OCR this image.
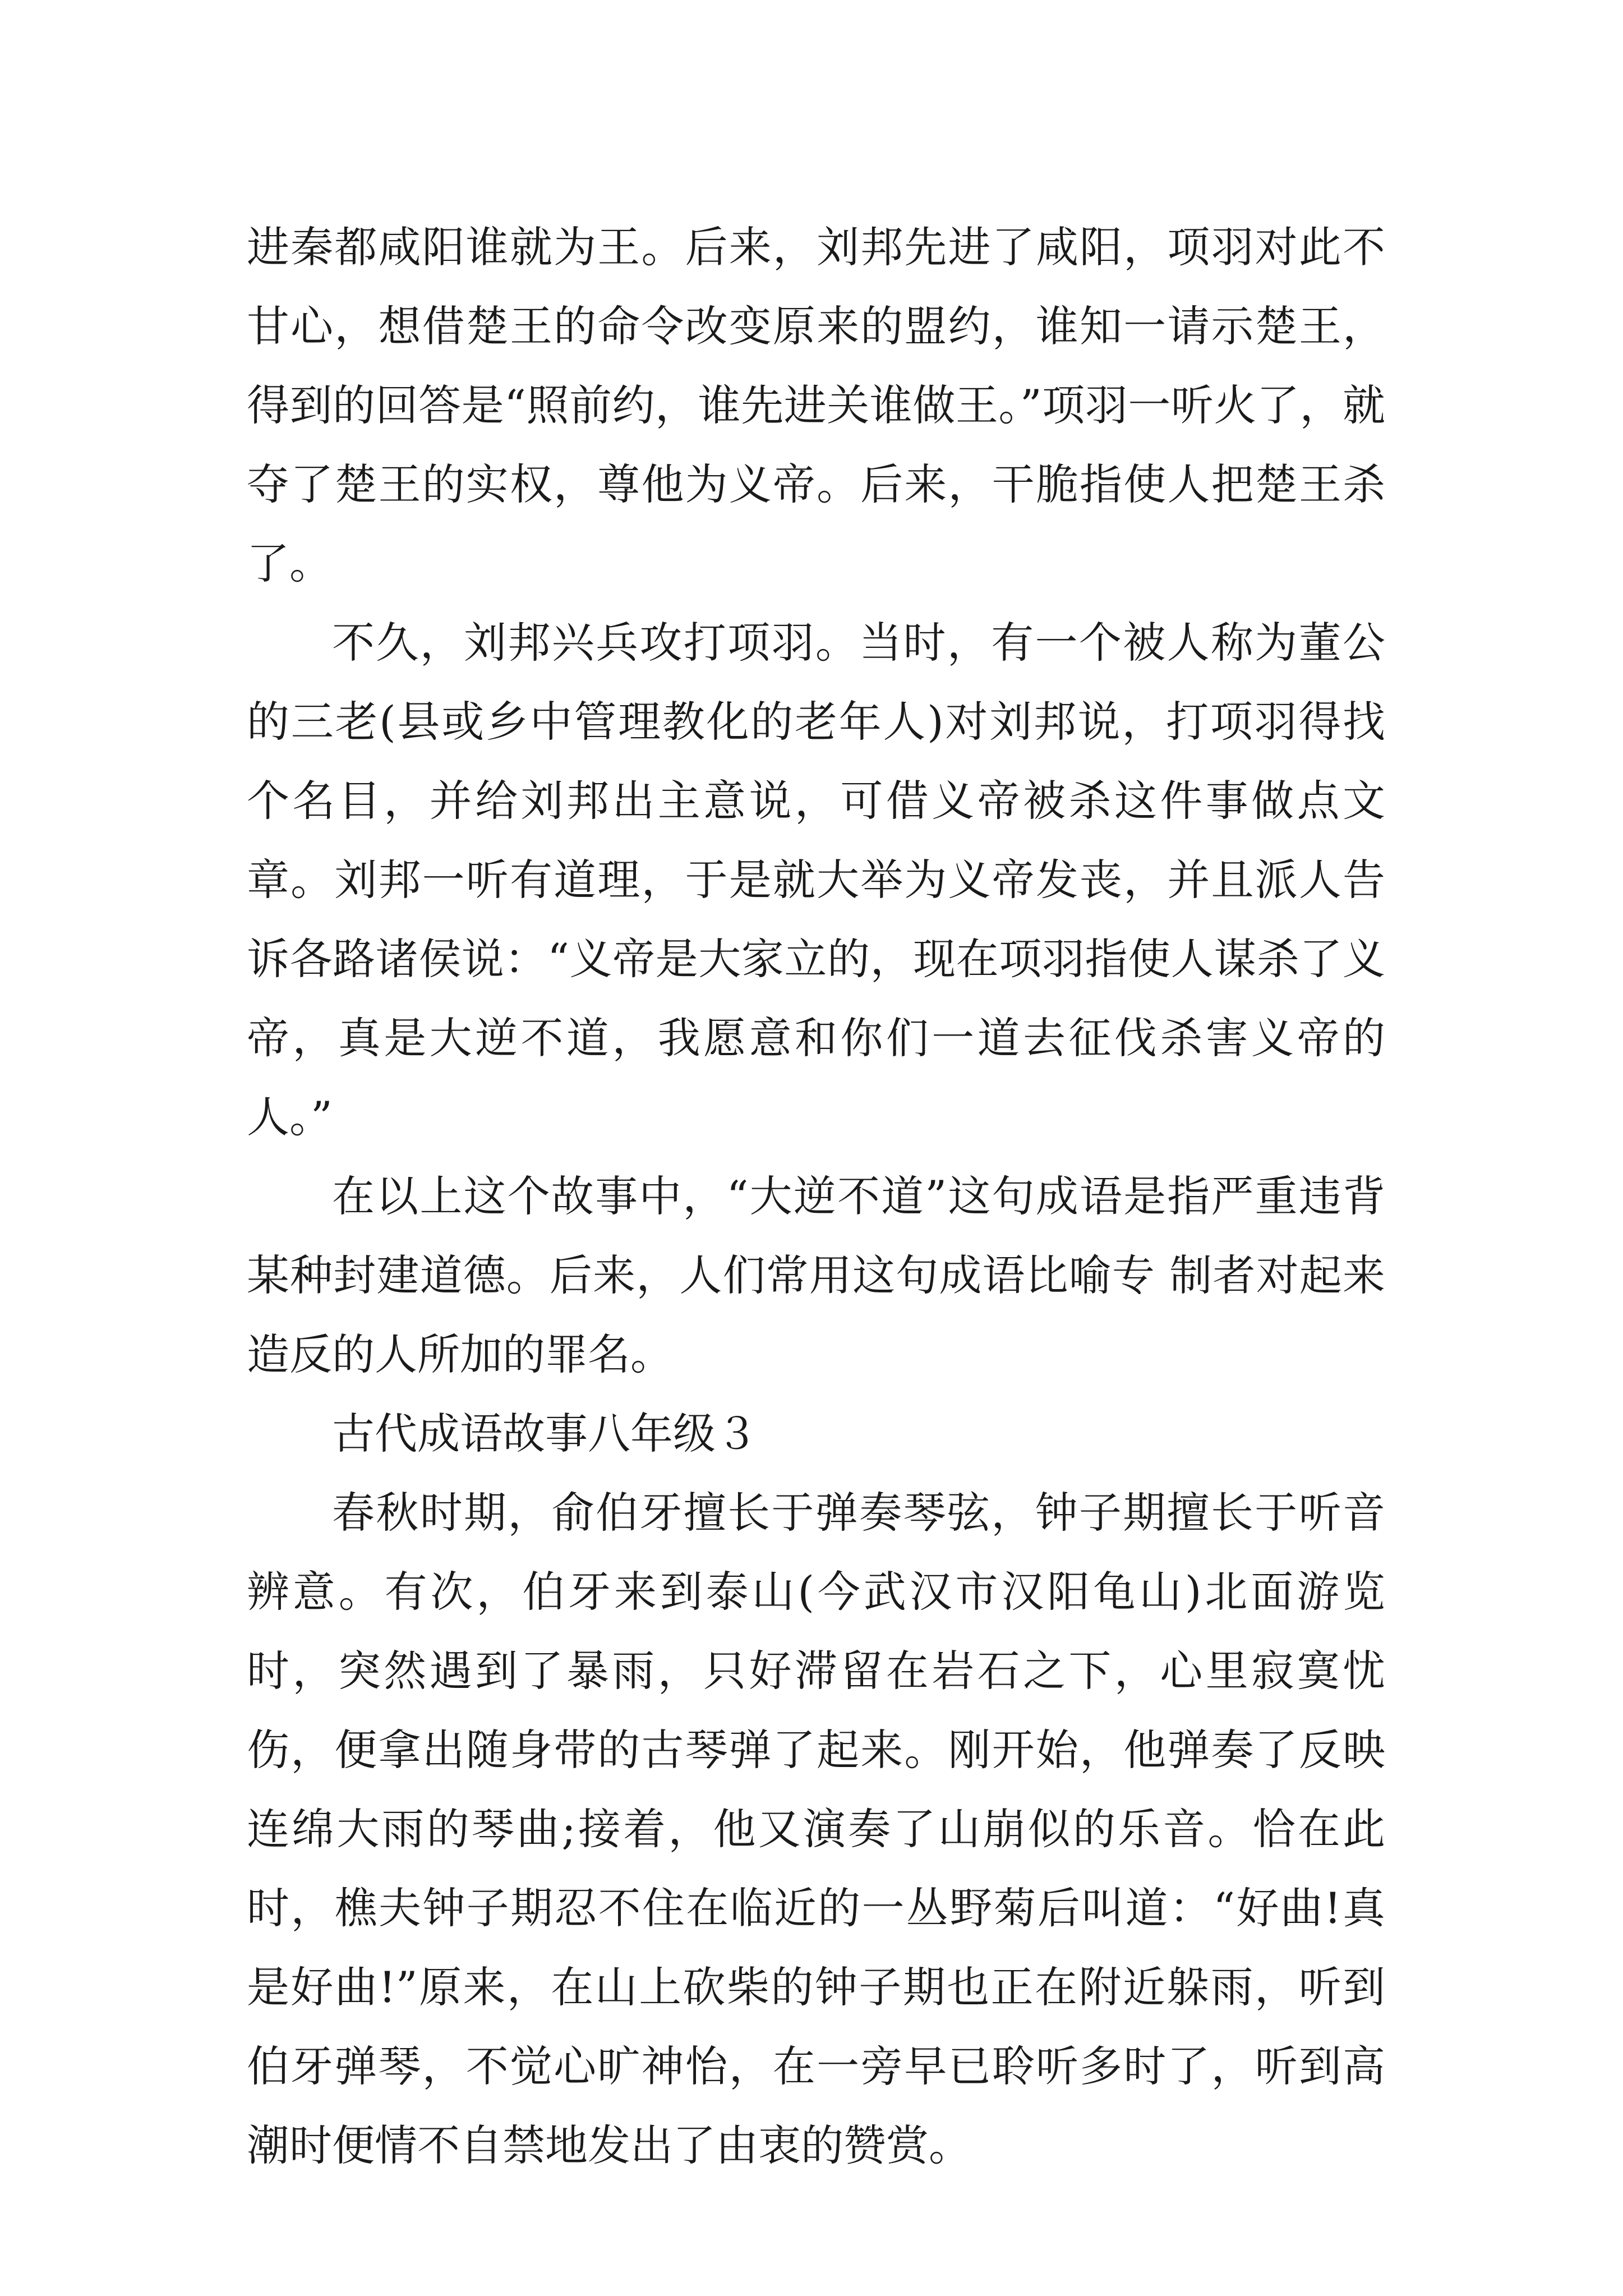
进秦都咸阳谁就为王。后来，刘邦先进了咸阳，项羽对此不甘心，想借楚王的命令改变原来的盟约，谁知一请示楚王，得到的回答是“照前约，谁先进关谁做王。”项羽一听火了，就夺了楚王的实权，尊他为义帝。后来，干脆指使人把楚王杀了。

不久，刘邦兴兵攻打项羽。当时，有一个被人称为董公的三老(县或乡中管理教化的老年人)对刘邦说，打项羽得找个名目，并给刘邦出主意说，可借义帝被杀这件事做点文章。刘邦一听有道理，于是就大举为义帝发丧，并且派人告诉各路诸侯说：“义帝是大家立的，现在项羽指使人谋杀了义帝，真是大逆不道，我愿意和你们一道去征伐杀害义帝的人。”

在以上这个故事中，“大逆不道”这句成语是指严重违背某种封建道德。后来，人们常用这句成语比喻专 制者对起来造反的人所加的罪名。

古代成语故事八年级３

春秋时期，俞伯牙擅长于弹奏琴弦，钟子期擅长于听音辨意。有次，伯牙来到泰山(今武汉市汉阳龟山)北面游览时，突然遇到了暴雨，只好滞留在岩石之下，心里寂寞忧伤，便拿出随身带的古琴弹了起来。刚开始，他弹奏了反映连绵大雨的琴曲;接着，他又演奏了山崩似的乐音。恰在此时，樵夫钟子期忍不住在临近的一丛野菊后叫道：“好曲!真是好曲!”原来，在山上砍柴的钟子期也正在附近躲雨，听到伯牙弹琴，不觉心旷神怡，在一旁早已聆听多时了，听到高潮时便情不自禁地发出了由衷的赞赏。
